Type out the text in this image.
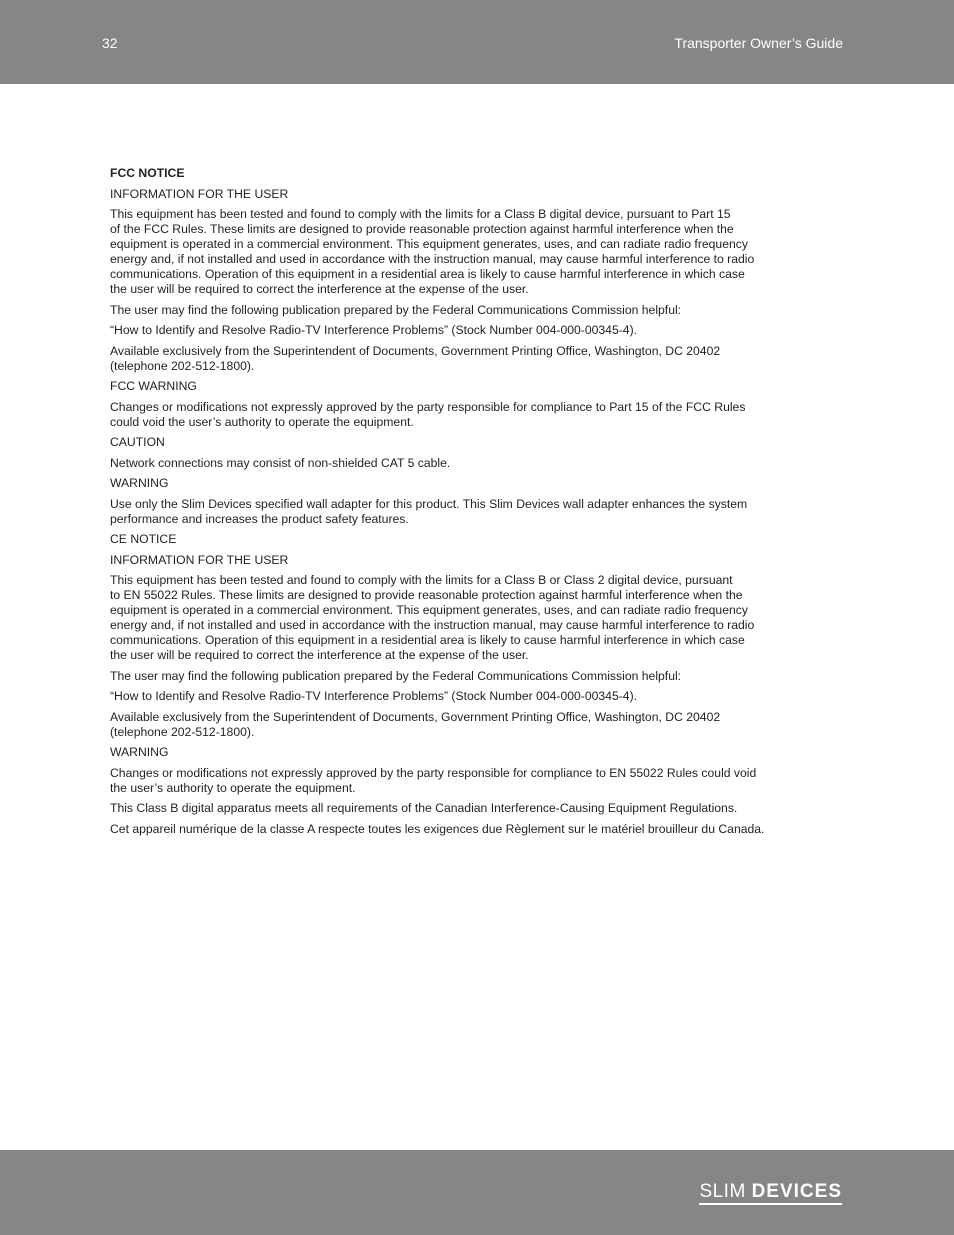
32	Transporter Owner’s Guide

FCC NOTICE

INFORMATION FOR THE USER

This equipment has been tested and found to comply with the limits for a Class B digital device, pursuant to Part 15
of the FCC Rules. These limits are designed to provide reasonable protection against harmful interference when the
equipment is operated in a commercial environment. This equipment generates, uses, and can radiate radio frequency
energy and, if not installed and used in accordance with the instruction manual, may cause harmful interference to radio
communications. Operation of this equipment in a residential area is likely to cause harmful interference in which case
the user will be required to correct the interference at the expense of the user.

The user may find the following publication prepared by the Federal Communications Commission helpful:

“How to Identify and Resolve Radio-TV Interference Problems” (Stock Number 004-000-00345-4).

Available exclusively from the Superintendent of Documents, Government Printing Office, Washington, DC 20402
(telephone 202-512-1800).

FCC WARNING

Changes or modifications not expressly approved by the party responsible for compliance to Part 15 of the FCC Rules
could void the user’s authority to operate the equipment.

CAUTION

Network connections may consist of non-shielded CAT 5 cable.

WARNING

Use only the Slim Devices specified wall adapter for this product. This Slim Devices wall adapter enhances the system
performance and increases the product safety features.

CE NOTICE

INFORMATION FOR THE USER

This equipment has been tested and found to comply with the limits for a Class B or Class 2 digital device, pursuant
to EN 55022 Rules. These limits are designed to provide reasonable protection against harmful interference when the
equipment is operated in a commercial environment. This equipment generates, uses, and can radiate radio frequency
energy and, if not installed and used in accordance with the instruction manual, may cause harmful interference to radio
communications. Operation of this equipment in a residential area is likely to cause harmful interference in which case
the user will be required to correct the interference at the expense of the user.

The user may find the following publication prepared by the Federal Communications Commission helpful:

“How to Identify and Resolve Radio-TV Interference Problems” (Stock Number 004-000-00345-4).

Available exclusively from the Superintendent of Documents, Government Printing Office, Washington, DC 20402
(telephone 202-512-1800).

WARNING

Changes or modifications not expressly approved by the party responsible for compliance to EN 55022 Rules could void
the user’s authority to operate the equipment.

This Class B digital apparatus meets all requirements of the Canadian Interference-Causing Equipment Regulations.

Cet appareil numérique de la classe A respecte toutes les exigences due Règlement sur le matériel brouilleur du Canada.

SLIM DEVICES
